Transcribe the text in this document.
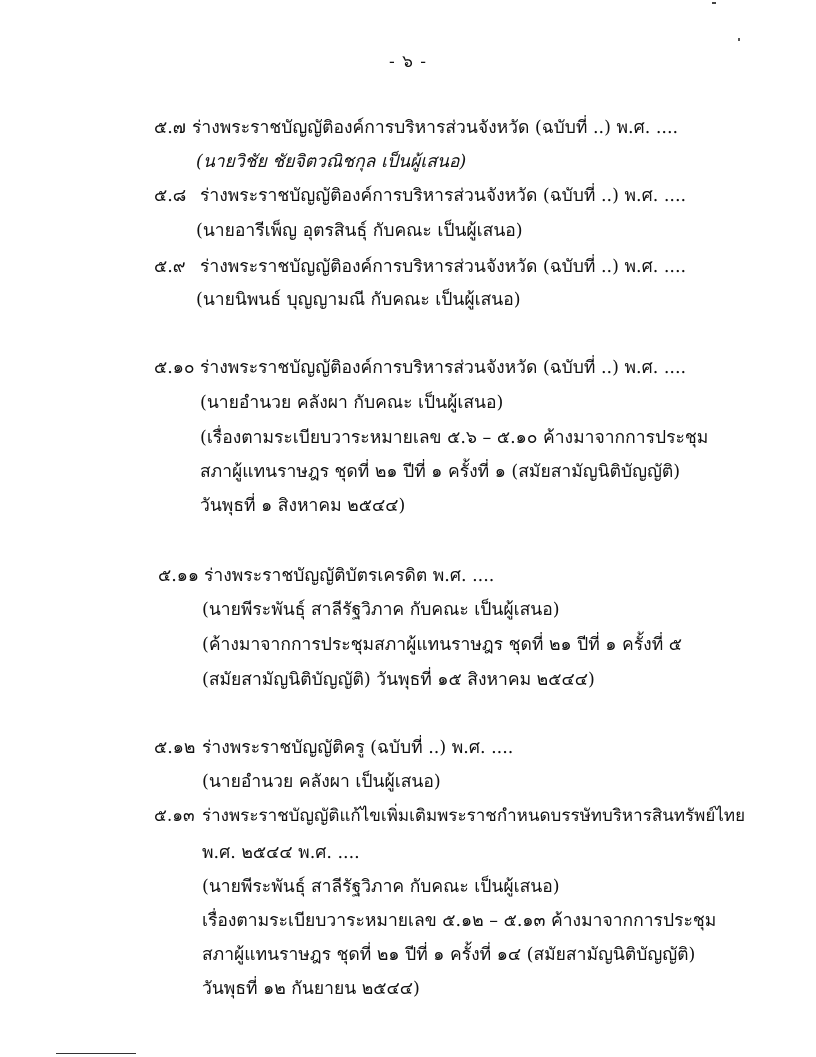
- ๖ -
๕.๗ ร่างพระราชบัญญัติองค์การบริหารส่วนจังหวัด (ฉบับที่ ..) พ.ศ. ....
(นายวิชัย ชัยจิตวณิชกุล เป็นผู้เสนอ)
๕.๘ ร่างพระราชบัญญัติองค์การบริหารส่วนจังหวัด (ฉบับที่ ..) พ.ศ. ....
(นายอารีเพ็ญ อุตรสินธุ์ กับคณะ เป็นผู้เสนอ)
๕.๙ ร่างพระราชบัญญัติองค์การบริหารส่วนจังหวัด (ฉบับที่ ..) พ.ศ. ....
(นายนิพนธ์ บุญญามณี กับคณะ เป็นผู้เสนอ)
๕.๑๐ ร่างพระราชบัญญัติองค์การบริหารส่วนจังหวัด (ฉบับที่ ..) พ.ศ. ....
(นายอำนวย คลังผา กับคณะ เป็นผู้เสนอ)
(เรื่องตามระเบียบวาระหมายเลข ๕.๖ – ๕.๑๐ ค้างมาจากการประชุม
สภาผู้แทนราษฎร ชุดที่ ๒๑ ปีที่ ๑ ครั้งที่ ๑ (สมัยสามัญนิติบัญญัติ)
วันพุธที่ ๑ สิงหาคม ๒๕๔๔)
๕.๑๑ ร่างพระราชบัญญัติบัตรเครดิต พ.ศ. ....
(นายพีระพันธุ์ สาลีรัฐวิภาค กับคณะ เป็นผู้เสนอ)
(ค้างมาจากการประชุมสภาผู้แทนราษฎร ชุดที่ ๒๑ ปีที่ ๑ ครั้งที่ ๕
(สมัยสามัญนิติบัญญัติ) วันพุธที่ ๑๕ สิงหาคม ๒๕๔๔)
๕.๑๒ ร่างพระราชบัญญัติครู (ฉบับที่ ..) พ.ศ. ....
(นายอำนวย คลังผา เป็นผู้เสนอ)
๕.๑๓ ร่างพระราชบัญญัติแก้ไขเพิ่มเติมพระราชกำหนดบรรษัทบริหารสินทรัพย์ไทย
พ.ศ. ๒๕๔๔ พ.ศ. ....
(นายพีระพันธุ์ สาลีรัฐวิภาค กับคณะ เป็นผู้เสนอ)
เรื่องตามระเบียบวาระหมายเลข ๕.๑๒ – ๕.๑๓ ค้างมาจากการประชุม
สภาผู้แทนราษฎร ชุดที่ ๒๑ ปีที่ ๑ ครั้งที่ ๑๔ (สมัยสามัญนิติบัญญัติ)
วันพุธที่ ๑๒ กันยายน ๒๕๔๔)
